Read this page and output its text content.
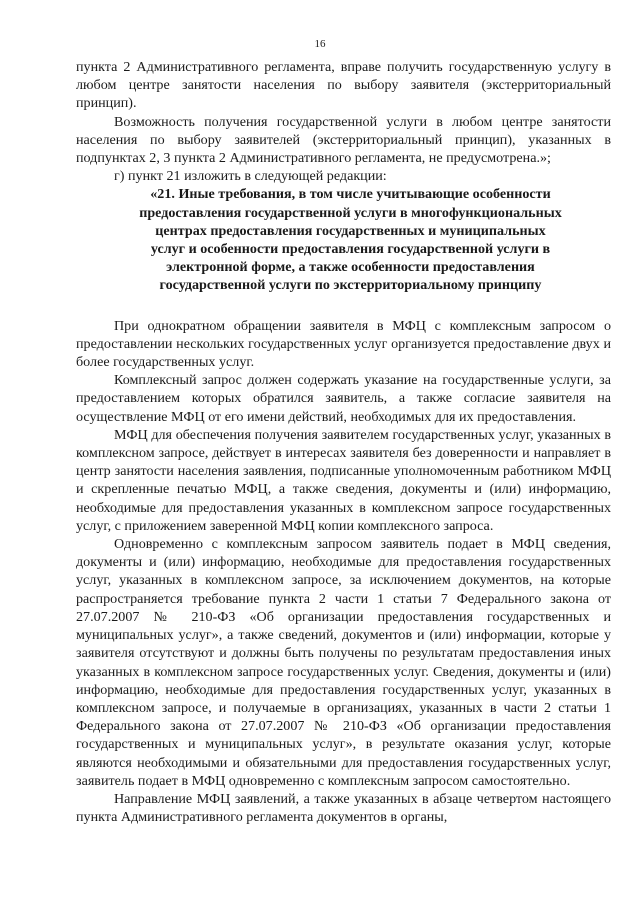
16

пункта 2 Административного регламента, вправе получить государственную услугу в любом центре занятости населения по выбору заявителя (экстерриториальный принцип).

Возможность получения государственной услуги в любом центре занятости населения по выбору заявителей (экстерриториальный принцип), указанных в подпунктах 2, 3 пункта 2 Административного регламента, не предусмотрена.»;

г) пункт 21 изложить в следующей редакции:

«21. Иные требования, в том числе учитывающие особенности
предоставления государственной услуги в многофункциональных
центрах предоставления государственных и муниципальных
услуг и особенности предоставления государственной услуги в
электронной форме, а также особенности предоставления
государственной услуги по экстерриториальному принципу

При однократном обращении заявителя в МФЦ с комплексным запросом о предоставлении нескольких государственных услуг организуется предоставление двух и более государственных услуг.

Комплексный запрос должен содержать указание на государственные услуги, за предоставлением которых обратился заявитель, а также согласие заявителя на осуществление МФЦ от его имени действий, необходимых для их предоставления.

МФЦ для обеспечения получения заявителем государственных услуг, указанных в комплексном запросе, действует в интересах заявителя без доверенности и направляет в центр занятости населения заявления, подписанные уполномоченным работником МФЦ и скрепленные печатью МФЦ, а также сведения, документы и (или) информацию, необходимые для предоставления указанных в комплексном запросе государственных услуг, с приложением заверенной МФЦ копии комплексного запроса.

Одновременно с комплексным запросом заявитель подает в МФЦ сведения, документы и (или) информацию, необходимые для предоставления государственных услуг, указанных в комплексном запросе, за исключением документов, на которые распространяется требование пункта 2 части 1 статьи 7 Федерального закона от 27.07.2007 № 210-ФЗ «Об организации предоставления государственных и муниципальных услуг», а также сведений, документов и (или) информации, которые у заявителя отсутствуют и должны быть получены по результатам предоставления иных указанных в комплексном запросе государственных услуг. Сведения, документы и (или) информацию, необходимые для предоставления государственных услуг, указанных в комплексном запросе, и получаемые в организациях, указанных в части 2 статьи 1 Федерального закона от 27.07.2007 № 210-ФЗ «Об организации предоставления государственных и муниципальных услуг», в результате оказания услуг, которые являются необходимыми и обязательными для предоставления государственных услуг, заявитель подает в МФЦ одновременно с комплексным запросом самостоятельно.

Направление МФЦ заявлений, а также указанных в абзаце четвертом настоящего пункта Административного регламента документов в органы,
